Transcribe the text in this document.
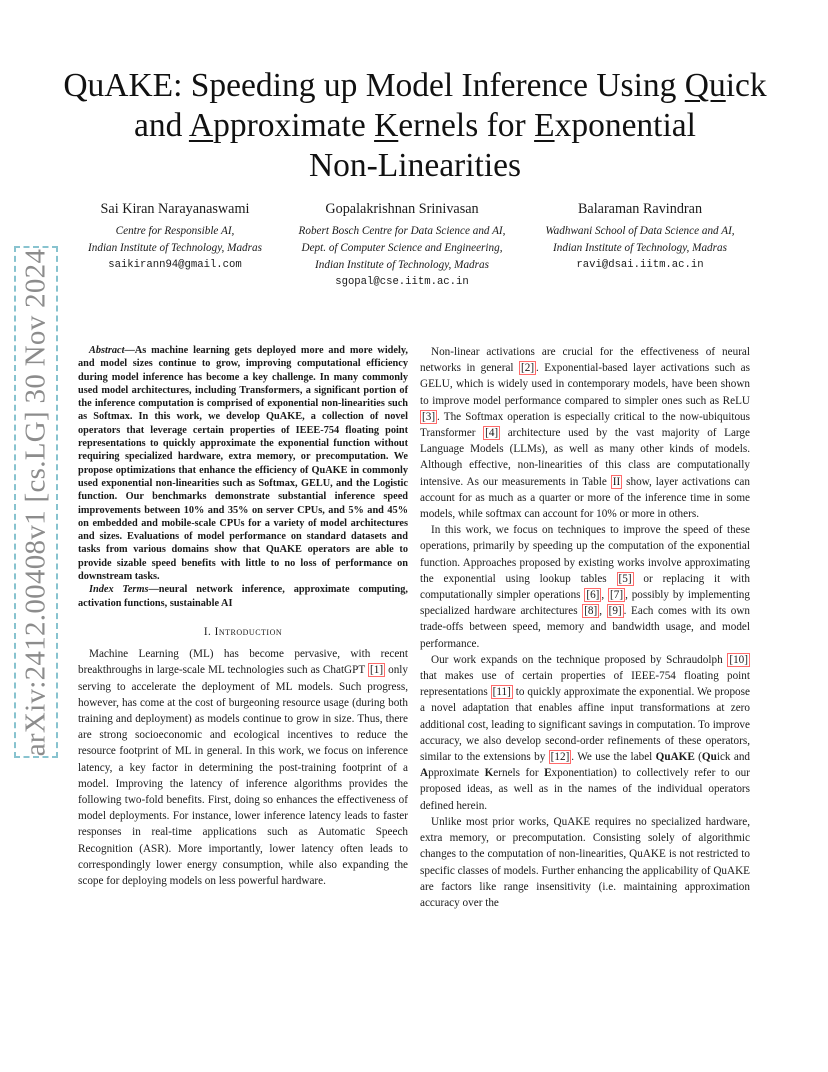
arXiv:2412.00408v1 [cs.LG] 30 Nov 2024
QuAKE: Speeding up Model Inference Using Quick
and Approximate Kernels for Exponential
Non-Linearities
Sai Kiran Narayanaswami
Centre for Responsible AI,
Indian Institute of Technology, Madras
saikirann94@gmail.com
Gopalakrishnan Srinivasan
Robert Bosch Centre for Data Science and AI,
Dept. of Computer Science and Engineering,
Indian Institute of Technology, Madras
sgopal@cse.iitm.ac.in
Balaraman Ravindran
Wadhwani School of Data Science and AI,
Indian Institute of Technology, Madras
ravi@dsai.iitm.ac.in

Abstract—As machine learning gets deployed more and more widely, and model sizes continue to grow, improving computational efficiency during model inference has become a key challenge. In many commonly used model architectures, including Transformers, a significant portion of the inference computation is comprised of exponential non-linearities such as Softmax. In this work, we develop QuAKE, a collection of novel operators that leverage certain properties of IEEE-754 floating point representations to quickly approximate the exponential function without requiring specialized hardware, extra memory, or precomputation. We propose optimizations that enhance the efficiency of QuAKE in commonly used exponential non-linearities such as Softmax, GELU, and the Logistic function. Our benchmarks demonstrate substantial inference speed improvements between 10% and 35% on server CPUs, and 5% and 45% on embedded and mobile-scale CPUs for a variety of model architectures and sizes. Evaluations of model performance on standard datasets and tasks from various domains show that QuAKE operators are able to provide sizable speed benefits with little to no loss of performance on downstream tasks.

Index Terms—neural network inference, approximate computing, activation functions, sustainable AI

I. Introduction

Machine Learning (ML) has become pervasive, with recent breakthroughs in large-scale ML technologies such as ChatGPT [1] only serving to accelerate the deployment of ML models. Such progress, however, has come at the cost of burgeoning resource usage (during both training and deployment) as models continue to grow in size. Thus, there are strong socioeconomic and ecological incentives to reduce the resource footprint of ML in general. In this work, we focus on inference latency, a key factor in determining the post-training footprint of a model. Improving the latency of inference algorithms provides the following two-fold benefits. First, doing so enhances the effectiveness of model deployments. For instance, lower inference latency leads to faster responses in real-time applications such as Automatic Speech Recognition (ASR). More importantly, lower latency often leads to correspondingly lower energy consumption, while also expanding the scope for deploying models on less powerful hardware.

Non-linear activations are crucial for the effectiveness of neural networks in general [2] . Exponential-based layer activations such as GELU, which is widely used in contemporary models, have been shown to improve model performance compared to simpler ones such as ReLU [3] . The Softmax operation is especially critical to the now-ubiquitous Transformer [4] architecture used by the vast majority of Large Language Models (LLMs), as well as many other kinds of models. Although effective, non-linearities of this class are computationally intensive. As our measurements in Table II show, layer activations can account for as much as a quarter or more of the inference time in some models, while softmax can account for 10% or more in others.

In this work, we focus on techniques to improve the speed of these operations, primarily by speeding up the computation of the exponential function. Approaches proposed by existing works involve approximating the exponential using lookup tables [5] or replacing it with computationally simpler operations [6] , [7] , possibly by implementing specialized hardware architectures [8] , [9] . Each comes with its own trade-offs between speed, memory and bandwidth usage, and model performance.

Our work expands on the technique proposed by Schraudolph [10] that makes use of certain properties of IEEE-754 floating point representations [11] to quickly approximate the exponential. We propose a novel adaptation that enables affine input transformations at zero additional cost, leading to significant savings in computation. To improve accuracy, we also develop second-order refinements of these operators, similar to the extensions by [12] . We use the label QuAKE (Quick and Approximate Kernels for Exponentiation) to collectively refer to our proposed ideas, as well as in the names of the individual operators defined herein.

Unlike most prior works, QuAKE requires no specialized hardware, extra memory, or precomputation. Consisting solely of algorithmic changes to the computation of non-linearities, QuAKE is not restricted to specific classes of models. Further enhancing the applicability of QuAKE are factors like range insensitivity (i.e. maintaining approximation accuracy over the
